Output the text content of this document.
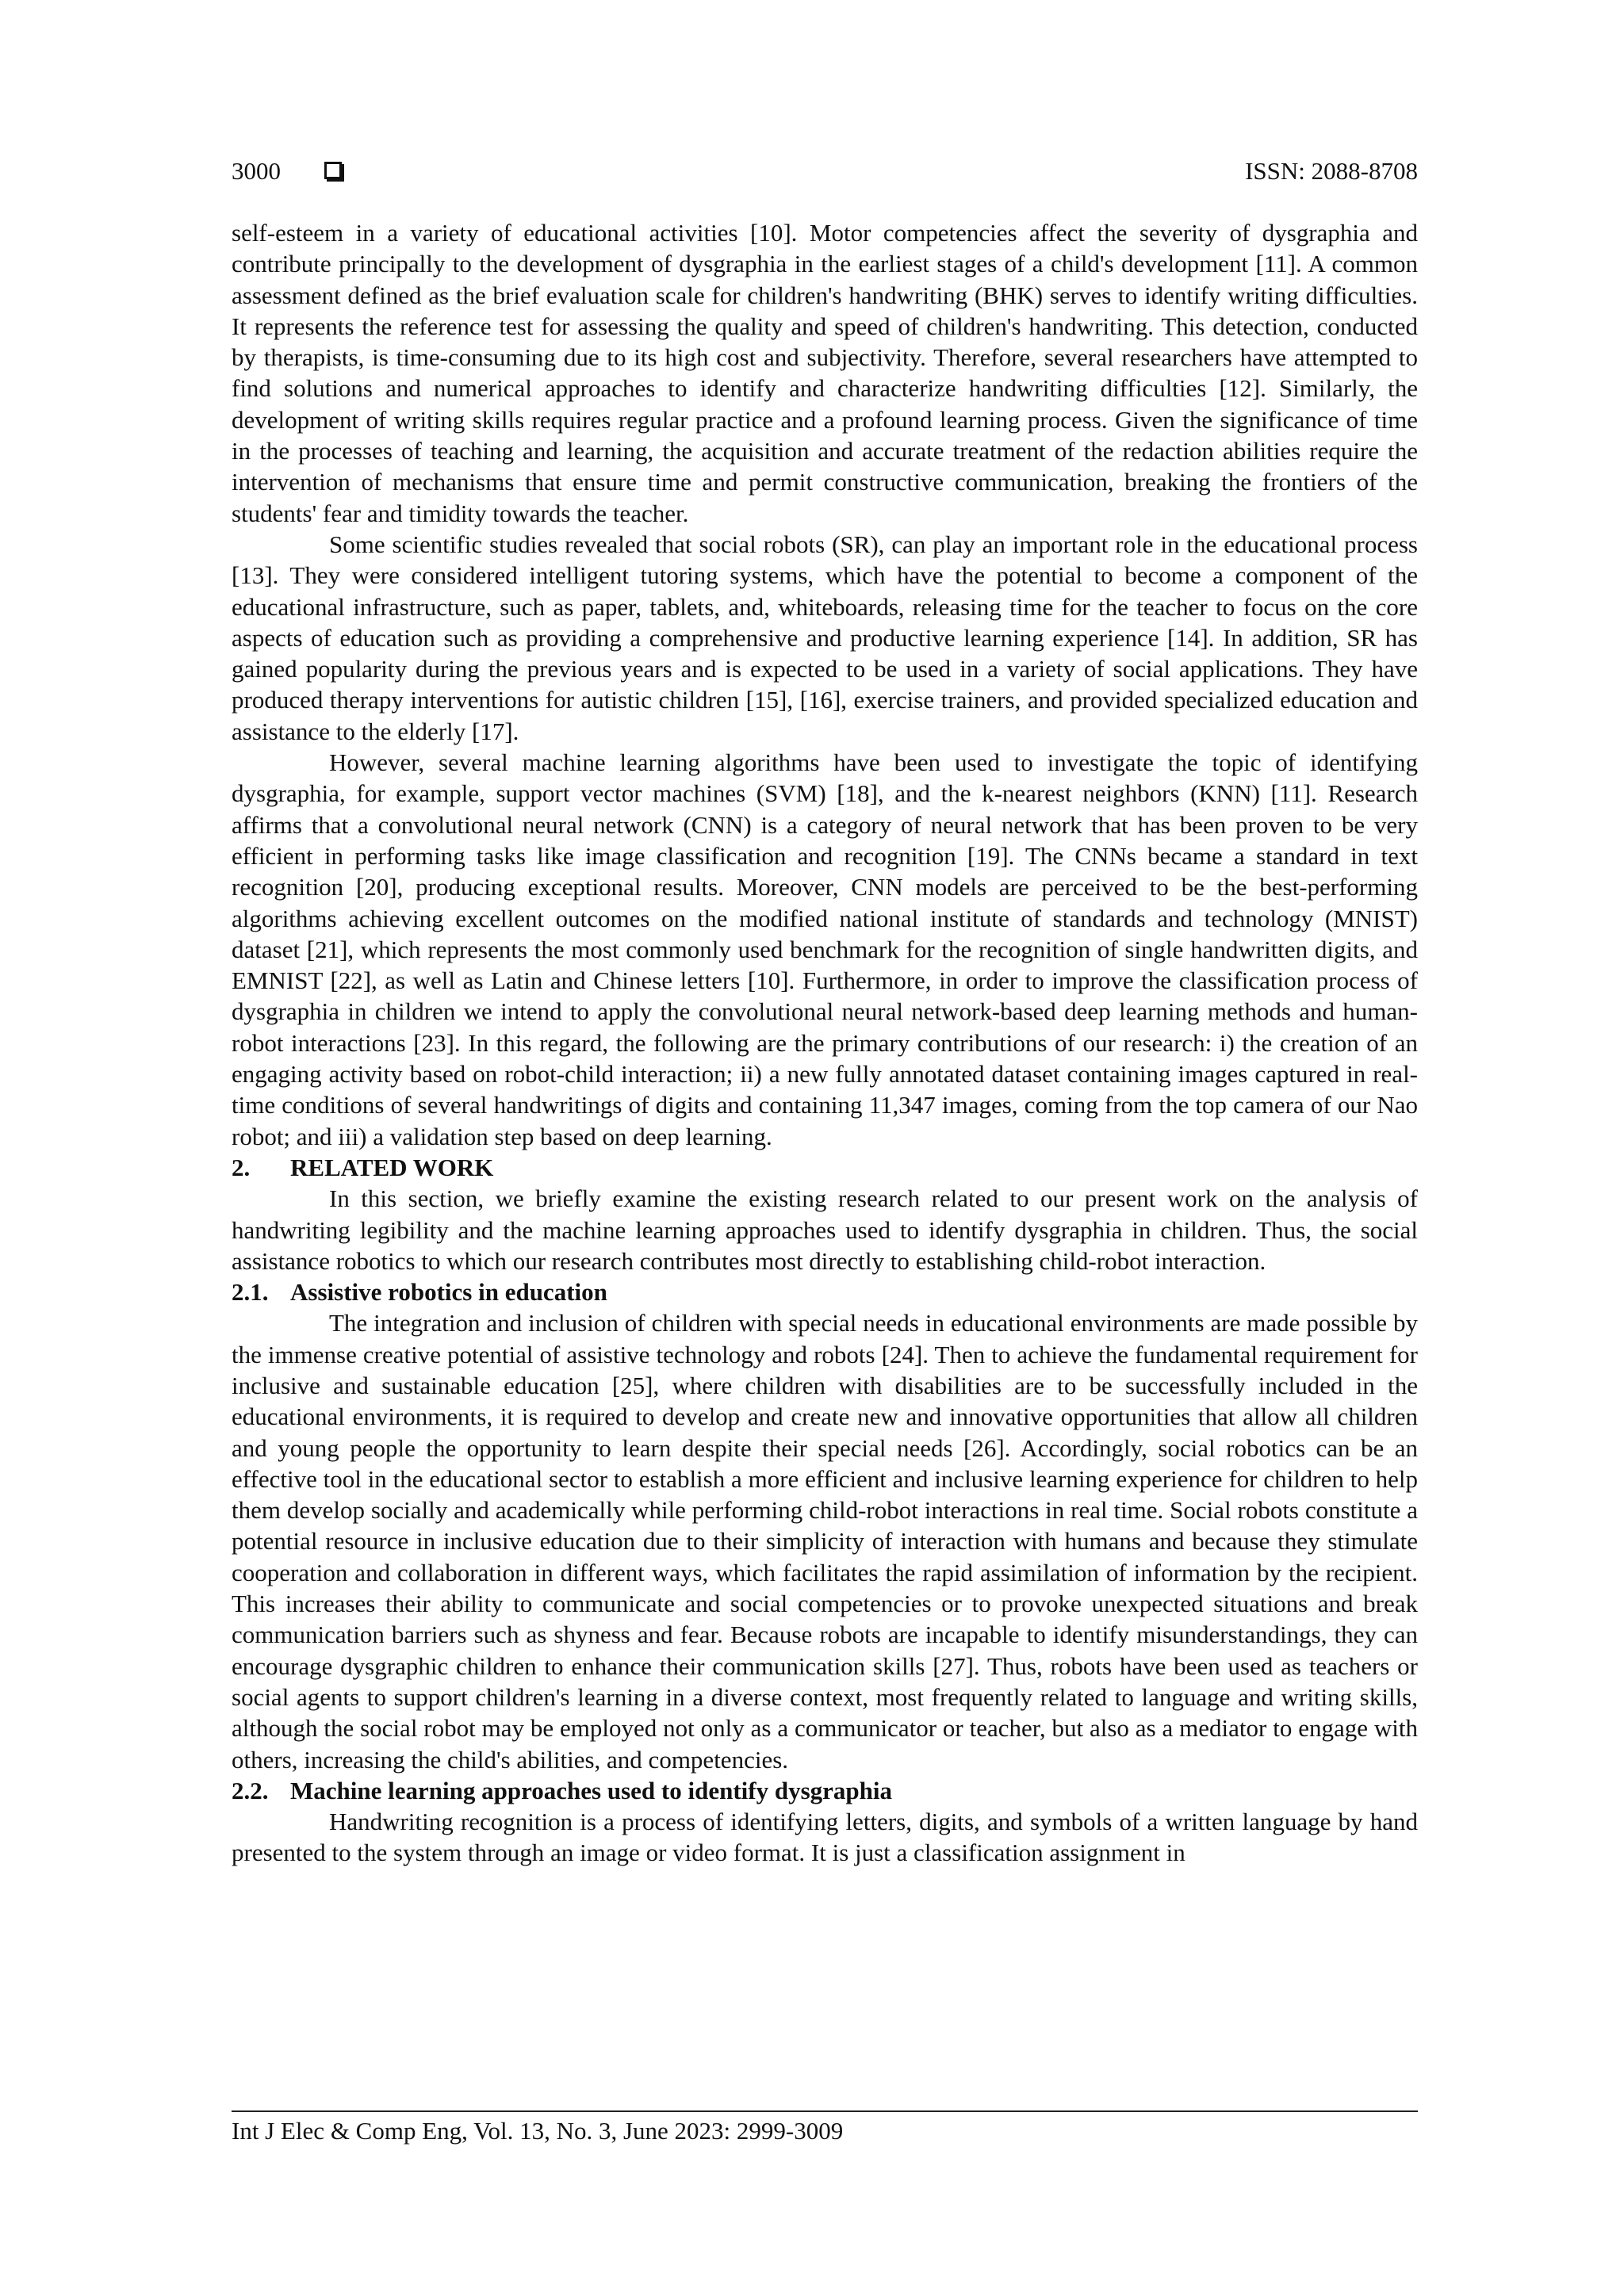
3000	ISSN: 2088-8708

self-esteem in a variety of educational activities [10]. Motor competencies affect the severity of dysgraphia and contribute principally to the development of dysgraphia in the earliest stages of a child's development [11]. A common assessment defined as the brief evaluation scale for children's handwriting (BHK) serves to identify writing difficulties. It represents the reference test for assessing the quality and speed of children's handwriting. This detection, conducted by therapists, is time-consuming due to its high cost and subjectivity. Therefore, several researchers have attempted to find solutions and numerical approaches to identify and characterize handwriting difficulties [12]. Similarly, the development of writing skills requires regular practice and a profound learning process. Given the significance of time in the processes of teaching and learning, the acquisition and accurate treatment of the redaction abilities require the intervention of mechanisms that ensure time and permit constructive communication, breaking the frontiers of the students' fear and timidity towards the teacher.

Some scientific studies revealed that social robots (SR), can play an important role in the educational process [13]. They were considered intelligent tutoring systems, which have the potential to become a component of the educational infrastructure, such as paper, tablets, and, whiteboards, releasing time for the teacher to focus on the core aspects of education such as providing a comprehensive and productive learning experience [14]. In addition, SR has gained popularity during the previous years and is expected to be used in a variety of social applications. They have produced therapy interventions for autistic children [15], [16], exercise trainers, and provided specialized education and assistance to the elderly [17].

However, several machine learning algorithms have been used to investigate the topic of identifying dysgraphia, for example, support vector machines (SVM) [18], and the k-nearest neighbors (KNN) [11]. Research affirms that a convolutional neural network (CNN) is a category of neural network that has been proven to be very efficient in performing tasks like image classification and recognition [19]. The CNNs became a standard in text recognition [20], producing exceptional results. Moreover, CNN models are perceived to be the best-performing algorithms achieving excellent outcomes on the modified national institute of standards and technology (MNIST) dataset [21], which represents the most commonly used benchmark for the recognition of single handwritten digits, and EMNIST [22], as well as Latin and Chinese letters [10]. Furthermore, in order to improve the classification process of dysgraphia in children we intend to apply the convolutional neural network-based deep learning methods and human-robot interactions [23]. In this regard, the following are the primary contributions of our research: i) the creation of an engaging activity based on robot-child interaction; ii) a new fully annotated dataset containing images captured in real-time conditions of several handwritings of digits and containing 11,347 images, coming from the top camera of our Nao robot; and iii) a validation step based on deep learning.

2. RELATED WORK

In this section, we briefly examine the existing research related to our present work on the analysis of handwriting legibility and the machine learning approaches used to identify dysgraphia in children. Thus, the social assistance robotics to which our research contributes most directly to establishing child-robot interaction.

2.1. Assistive robotics in education

The integration and inclusion of children with special needs in educational environments are made possible by the immense creative potential of assistive technology and robots [24]. Then to achieve the fundamental requirement for inclusive and sustainable education [25], where children with disabilities are to be successfully included in the educational environments, it is required to develop and create new and innovative opportunities that allow all children and young people the opportunity to learn despite their special needs [26]. Accordingly, social robotics can be an effective tool in the educational sector to establish a more efficient and inclusive learning experience for children to help them develop socially and academically while performing child-robot interactions in real time. Social robots constitute a potential resource in inclusive education due to their simplicity of interaction with humans and because they stimulate cooperation and collaboration in different ways, which facilitates the rapid assimilation of information by the recipient. This increases their ability to communicate and social competencies or to provoke unexpected situations and break communication barriers such as shyness and fear. Because robots are incapable to identify misunderstandings, they can encourage dysgraphic children to enhance their communication skills [27]. Thus, robots have been used as teachers or social agents to support children's learning in a diverse context, most frequently related to language and writing skills, although the social robot may be employed not only as a communicator or teacher, but also as a mediator to engage with others, increasing the child's abilities, and competencies.

2.2. Machine learning approaches used to identify dysgraphia

Handwriting recognition is a process of identifying letters, digits, and symbols of a written language by hand presented to the system through an image or video format. It is just a classification assignment in

Int J Elec & Comp Eng, Vol. 13, No. 3, June 2023: 2999-3009
